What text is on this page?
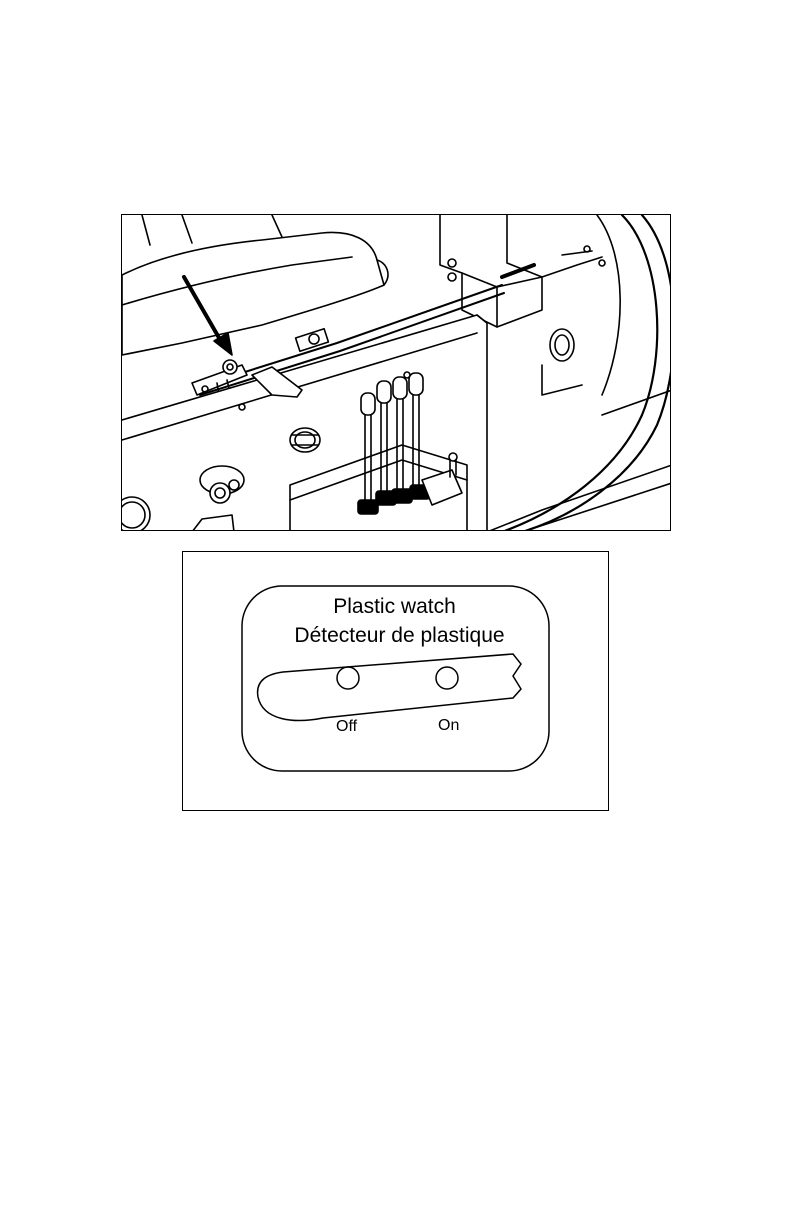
Plastic watch
Détecteur de plastique
Off	On
